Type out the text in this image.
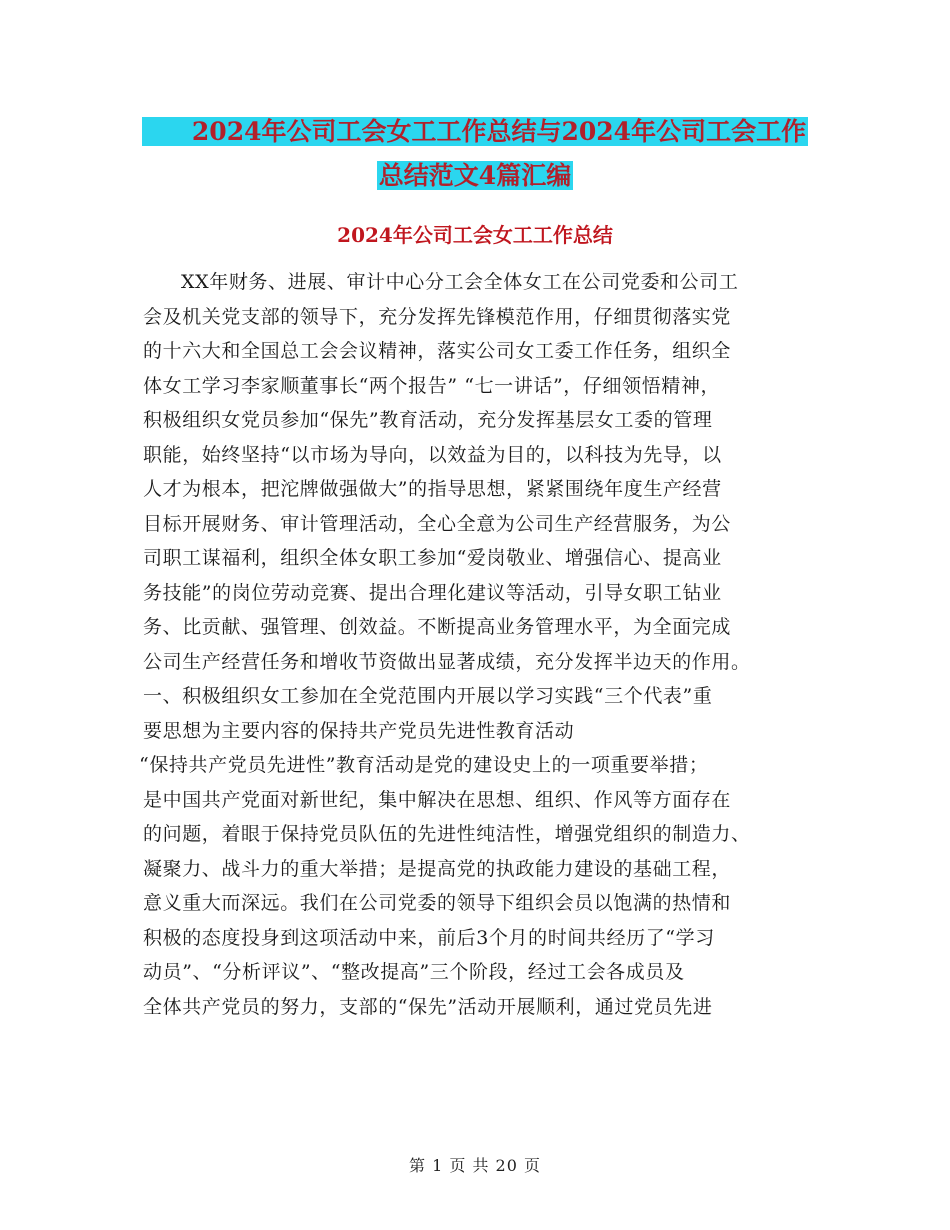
2024年公司工会女工工作总结与2024年公司工会工作
总结范文4篇汇编
2024年公司工会女工工作总结
XX年财务、进展、审计中心分工会全体女工在公司党委和公司工
会及机关党支部的领导下，充分发挥先锋模范作用，仔细贯彻落实党
的十六大和全国总工会会议精神，落实公司女工委工作任务，组织全
体女工学习李家顺董事长“两个报告” “七一讲话”，仔细领悟精神，
积极组织女党员参加“保先”教育活动，充分发挥基层女工委的管理
职能，始终坚持“以市场为导向，以效益为目的，以科技为先导，以
人才为根本，把沱牌做强做大”的指导思想，紧紧围绕年度生产经营
目标开展财务、审计管理活动，全心全意为公司生产经营服务，为公
司职工谋福利，组织全体女职工参加“爱岗敬业、增强信心、提高业
务技能”的岗位劳动竞赛、提出合理化建议等活动，引导女职工钻业
务、比贡献、强管理、创效益。不断提高业务管理水平，为全面完成
公司生产经营任务和增收节资做出显著成绩，充分发挥半边天的作用。
一、积极组织女工参加在全党范围内开展以学习实践“三个代表”重
要思想为主要内容的保持共产党员先进性教育活动
“保持共产党员先进性”教育活动是党的建设史上的一项重要举措；
是中国共产党面对新世纪，集中解决在思想、组织、作风等方面存在
的问题，着眼于保持党员队伍的先进性纯洁性，增强党组织的制造力、
凝聚力、战斗力的重大举措；是提高党的执政能力建设的基础工程，
意义重大而深远。我们在公司党委的领导下组织会员以饱满的热情和
积极的态度投身到这项活动中来，前后3个月的时间共经历了“学习
动员”、“分析评议”、“整改提高”三个阶段，经过工会各成员及
全体共产党员的努力，支部的“保先”活动开展顺利，通过党员先进
第 1 页 共 20 页
